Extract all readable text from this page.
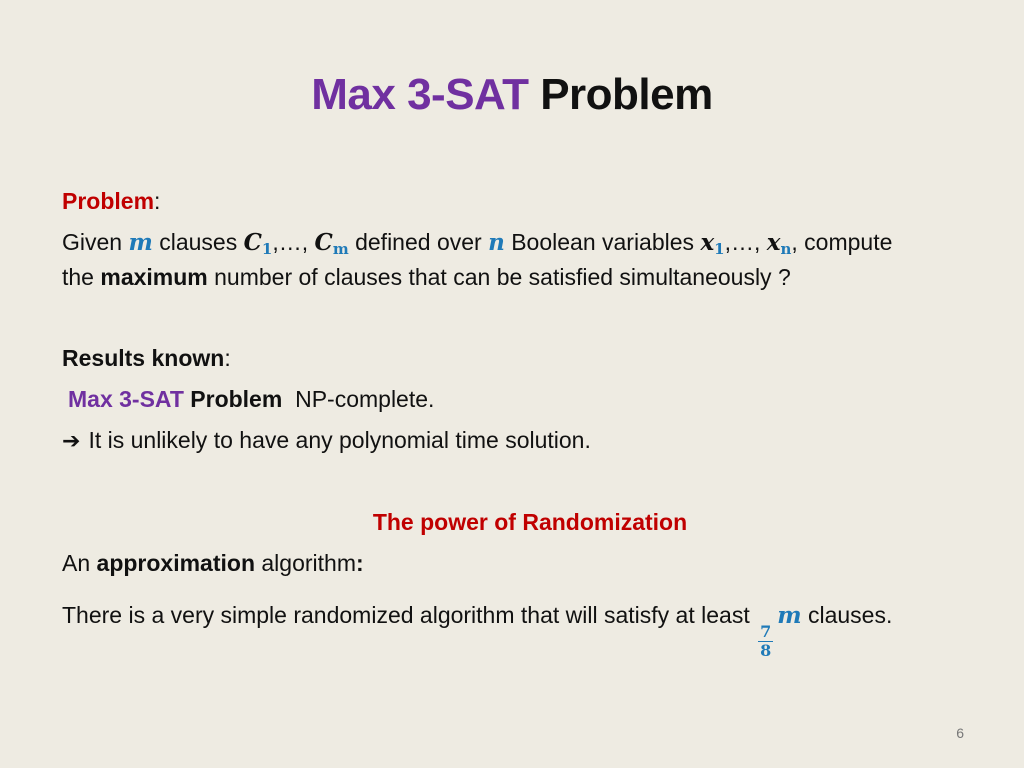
Max 3-SAT Problem
Problem:
Given m clauses $C_1,\dots$, $C_m$ defined over n Boolean variables $x_1,\dots$, $x_n$, compute
the maximum number of clauses that can be satisfied simultaneously ?
Results known:
Max 3-SAT Problem NP-complete.
➔ It is unlikely to have any polynomial time solution.
The power of Randomization
An approximation algorithm:
There is a very simple randomized algorithm that will satisfy at least
$\frac{7}{8}$
m clauses.
6
